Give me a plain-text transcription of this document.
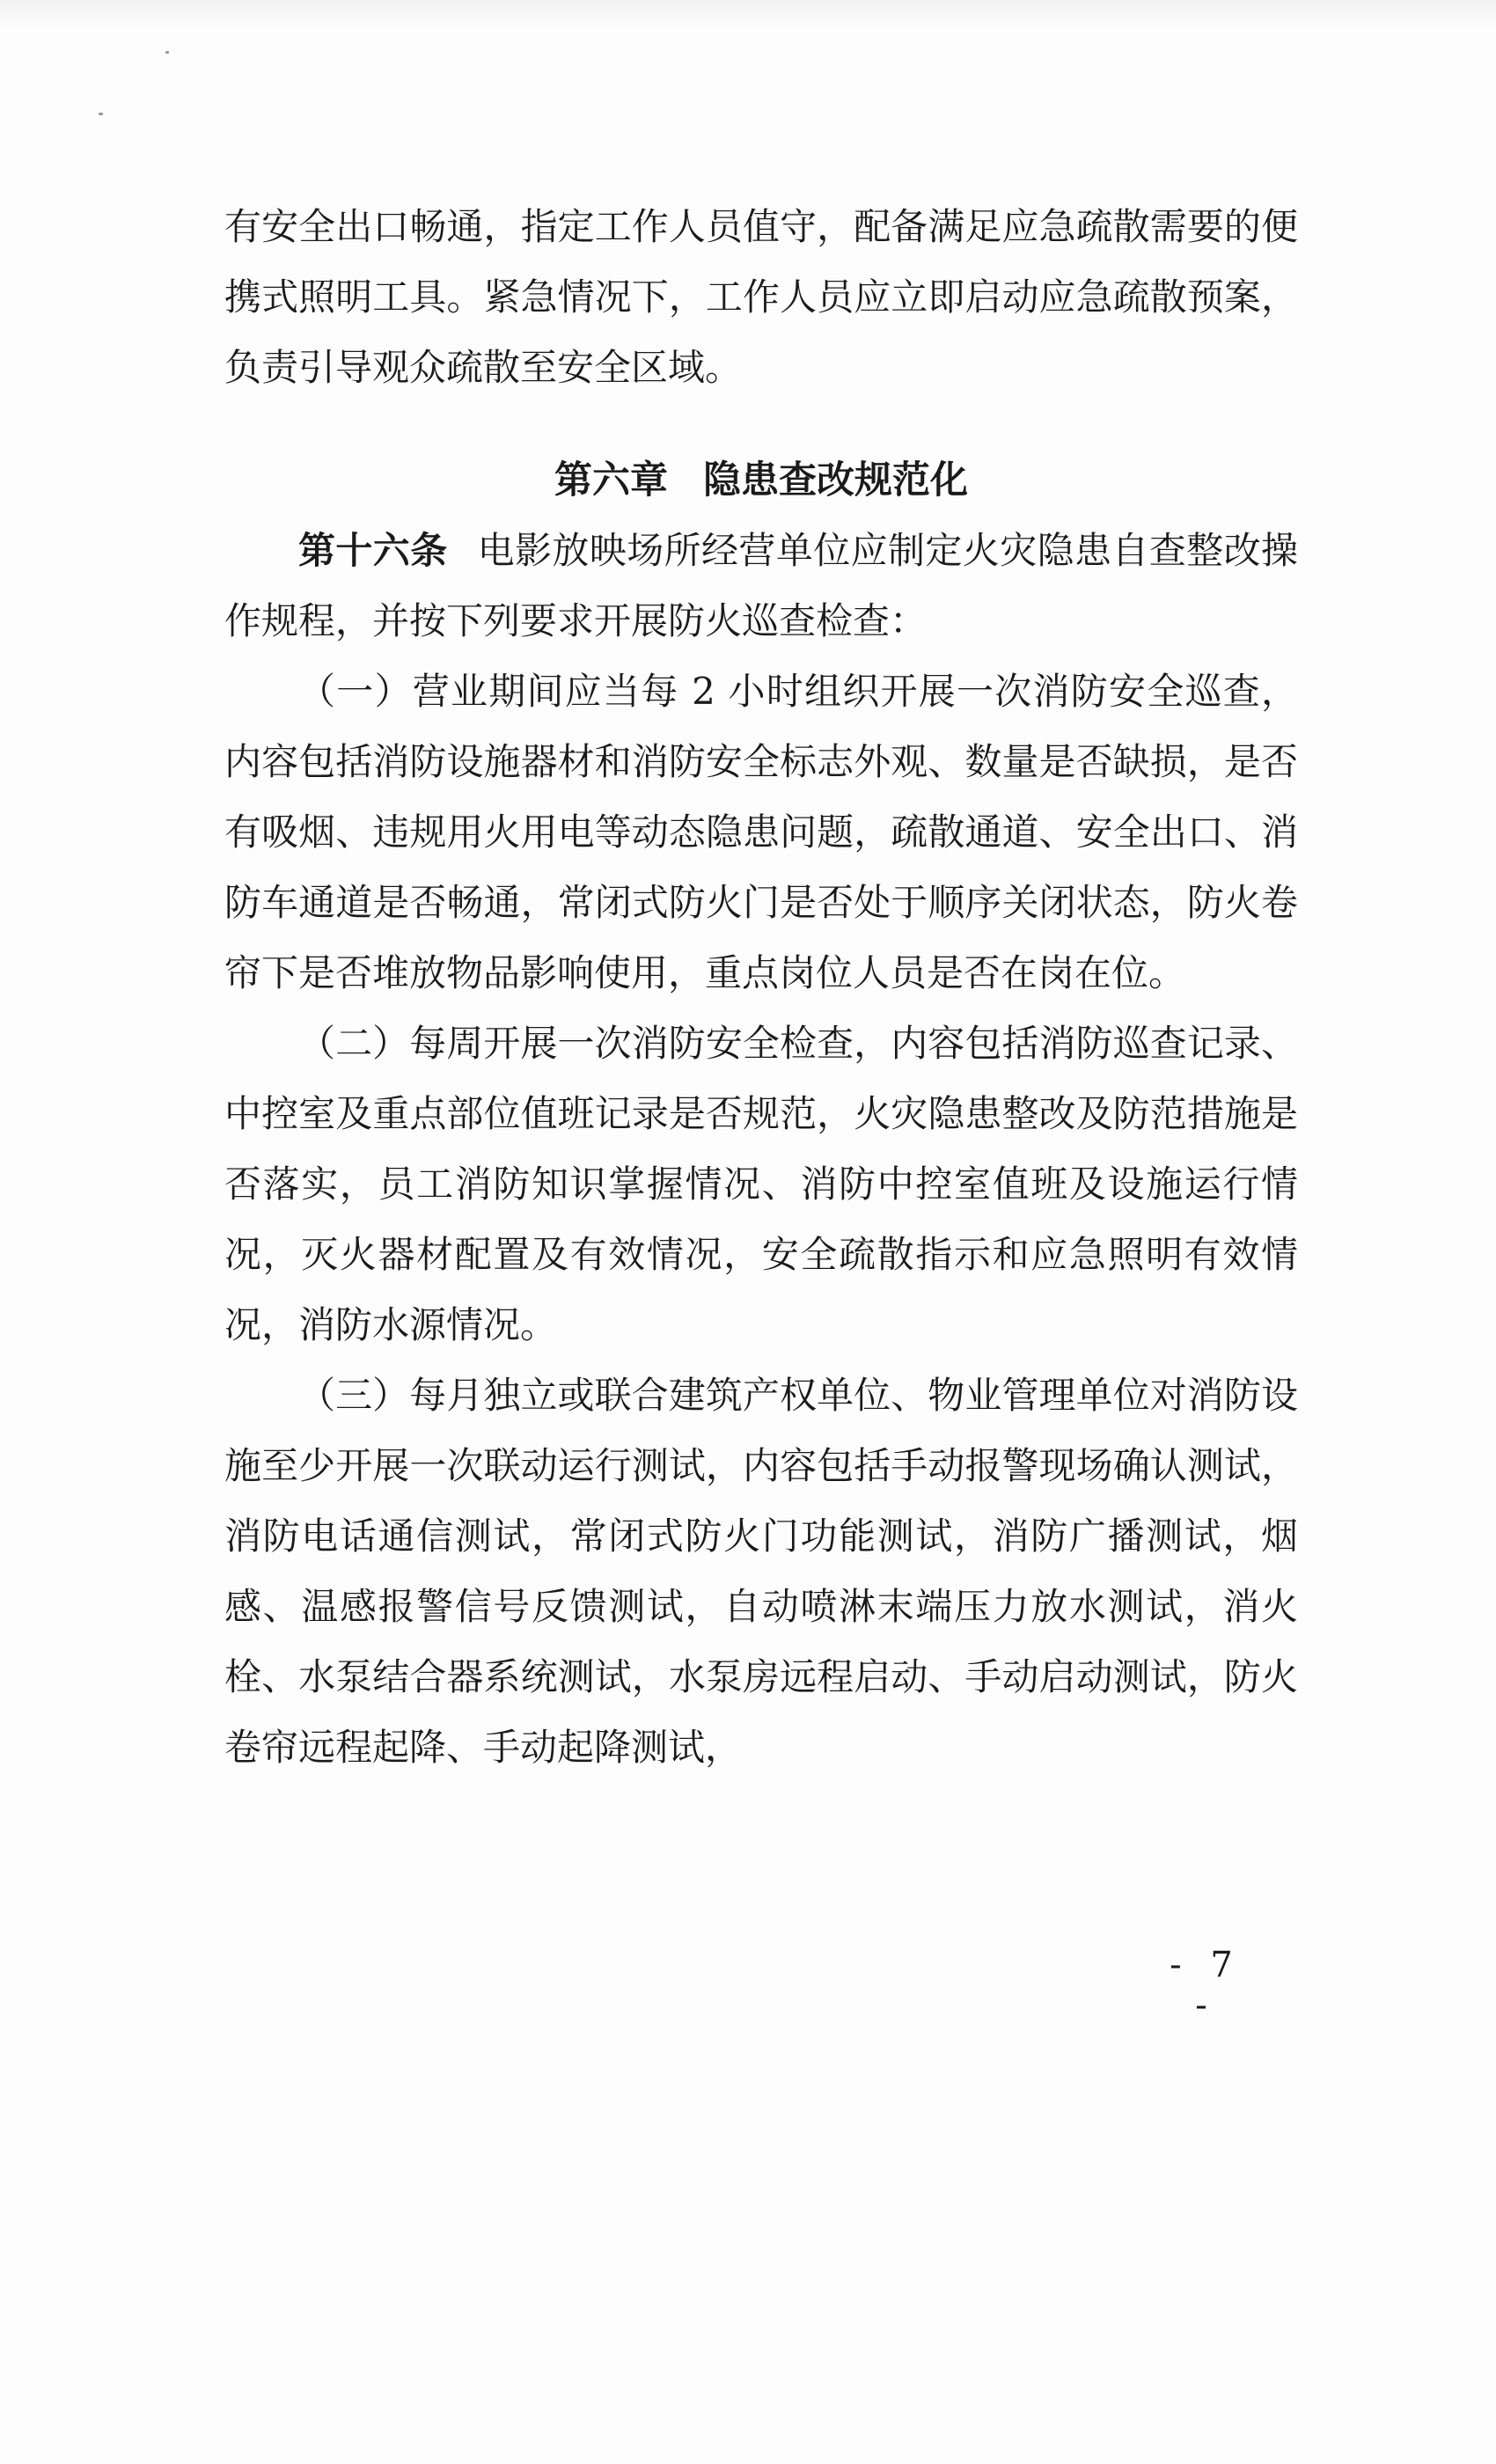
有安全出口畅通，指定工作人员值守，配备满足应急疏散需要的便携式照明工具。紧急情况下，工作人员应立即启动应急疏散预案，负责引导观众疏散至安全区域。

第六章 隐患查改规范化

第十六条 电影放映场所经营单位应制定火灾隐患自查整改操作规程，并按下列要求开展防火巡查检查：

（一）营业期间应当每 2 小时组织开展一次消防安全巡查，内容包括消防设施器材和消防安全标志外观、数量是否缺损，是否有吸烟、违规用火用电等动态隐患问题，疏散通道、安全出口、消防车通道是否畅通，常闭式防火门是否处于顺序关闭状态，防火卷帘下是否堆放物品影响使用，重点岗位人员是否在岗在位。

（二）每周开展一次消防安全检查，内容包括消防巡查记录、中控室及重点部位值班记录是否规范，火灾隐患整改及防范措施是否落实，员工消防知识掌握情况、消防中控室值班及设施运行情况，灭火器材配置及有效情况，安全疏散指示和应急照明有效情况，消防水源情况。

（三）每月独立或联合建筑产权单位、物业管理单位对消防设施至少开展一次联动运行测试，内容包括手动报警现场确认测试，消防电话通信测试，常闭式防火门功能测试，消防广播测试，烟感、温感报警信号反馈测试，自动喷淋末端压力放水测试，消火栓、水泵结合器系统测试，水泵房远程启动、手动启动测试，防火卷帘远程起降、手动起降测试，

- 7 -
